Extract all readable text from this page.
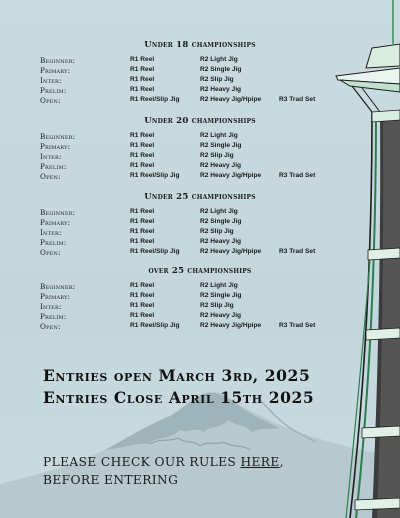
Under 18 championships
Beginner:	R1 Reel	R2 Light Jig
Primary:	R1 Reel	R2 Single Jig
Inter:	R1 Reel	R2 Slip Jig
Prelim:	R1 Reel	R2 Heavy Jig
Open:	R1 Reel/Slip Jig	R2 Heavy Jig/Hpipe	R3 Trad Set
Under 20 championships
Beginner:	R1 Reel	R2 Light Jig
Primary:	R1 Reel	R2 Single Jig
Inter:	R1 Reel	R2 Slip Jig
Prelim:	R1 Reel	R2 Heavy Jig
Open:	R1 Reel/Slip Jig	R2 Heavy Jig/Hpipe	R3 Trad Set
Under 25 championships
Beginner:	R1 Reel	R2 Light Jig
Primary:	R1 Reel	R2 Single Jig
Inter:	R1 Reel	R2 Slip Jig
Prelim:	R1 Reel	R2 Heavy Jig
Open:	R1 Reel/Slip Jig	R2 Heavy Jig/Hpipe	R3 Trad Set
over 25 championships
Beginner:	R1 Reel	R2 Light Jig
Primary:	R1 Reel	R2 Single Jig
Inter:	R1 Reel	R2 Slip Jig
Prelim:	R1 Reel	R2 Heavy Jig
Open:	R1 Reel/Slip Jig	R2 Heavy Jig/Hpipe	R3 Trad Set
Entries open March 3rd, 2025
Entries Close April 15th 2025
PLEASE CHECK OUR RULES HERE,
BEFORE ENTERING
